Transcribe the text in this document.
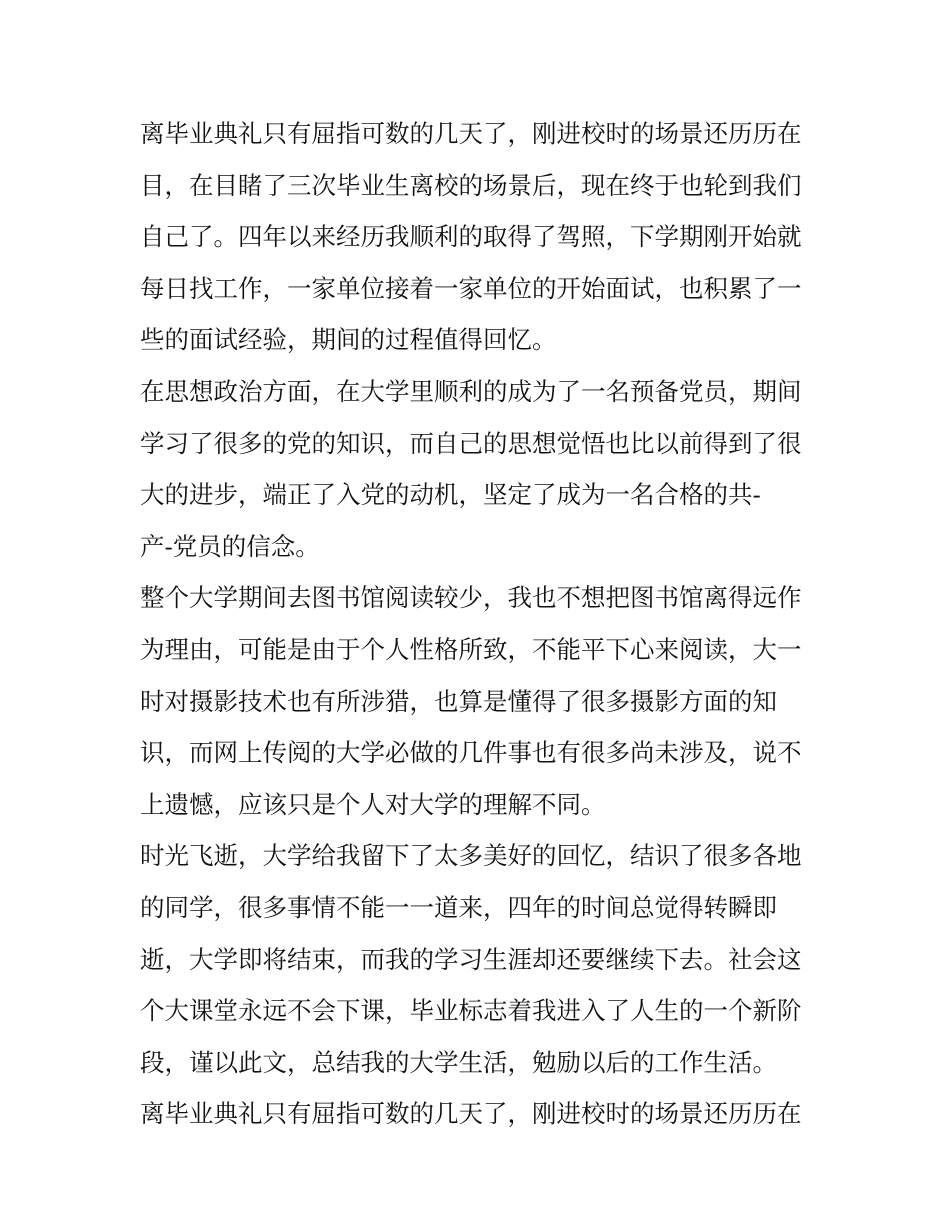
离毕业典礼只有屈指可数的几天了，刚进校时的场景还历历在
目，在目睹了三次毕业生离校的场景后，现在终于也轮到我们
自己了。四年以来经历我顺利的取得了驾照，下学期刚开始就
每日找工作，一家单位接着一家单位的开始面试，也积累了一
些的面试经验，期间的过程值得回忆。

在思想政治方面，在大学里顺利的成为了一名预备党员，期间
学习了很多的党的知识，而自己的思想觉悟也比以前得到了很
大的进步，端正了入党的动机，坚定了成为一名合格的共-
产-党员的信念。

整个大学期间去图书馆阅读较少，我也不想把图书馆离得远作
为理由，可能是由于个人性格所致，不能平下心来阅读，大一
时对摄影技术也有所涉猎，也算是懂得了很多摄影方面的知
识，而网上传阅的大学必做的几件事也有很多尚未涉及，说不
上遗憾，应该只是个人对大学的理解不同。

时光飞逝，大学给我留下了太多美好的回忆，结识了很多各地
的同学，很多事情不能一一道来，四年的时间总觉得转瞬即
逝，大学即将结束，而我的学习生涯却还要继续下去。社会这
个大课堂永远不会下课，毕业标志着我进入了人生的一个新阶
段，谨以此文，总结我的大学生活，勉励以后的工作生活。

离毕业典礼只有屈指可数的几天了，刚进校时的场景还历历在
